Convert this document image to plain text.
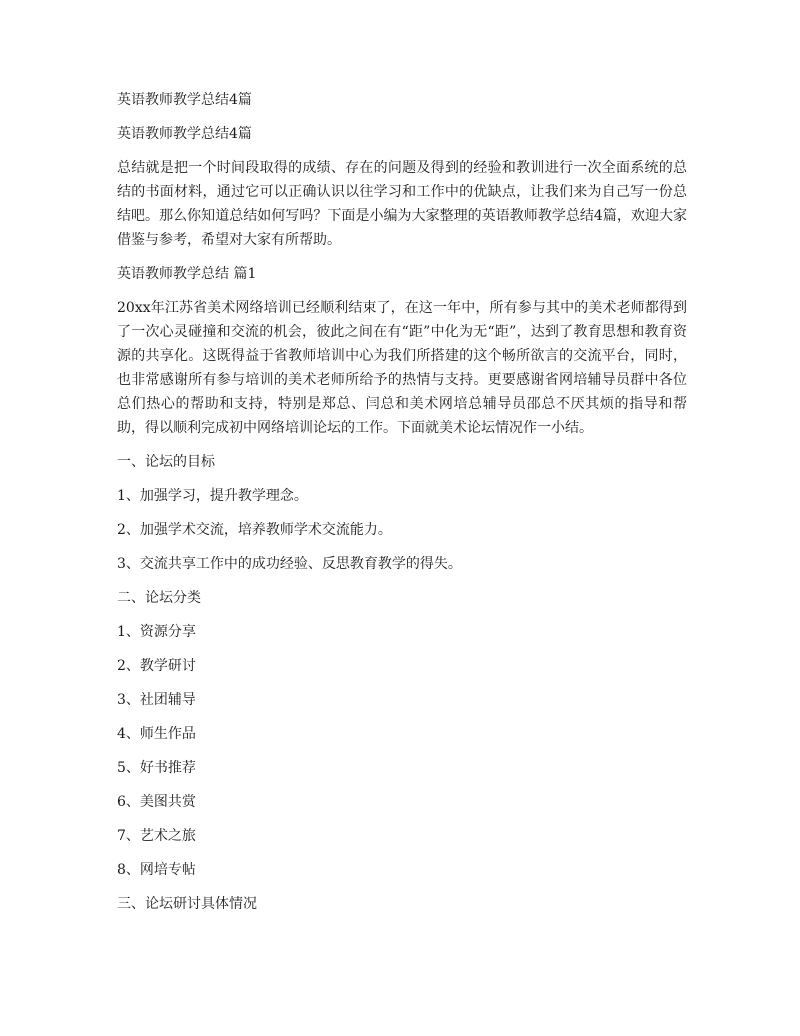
英语教师教学总结4篇
英语教师教学总结4篇
总结就是把一个时间段取得的成绩、存在的问题及得到的经验和教训进行一次全面系统的总结的书面材料，通过它可以正确认识以往学习和工作中的优缺点，让我们来为自己写一份总结吧。那么你知道总结如何写吗？下面是小编为大家整理的英语教师教学总结4篇，欢迎大家借鉴与参考，希望对大家有所帮助。
英语教师教学总结 篇1
20xx年江苏省美术网络培训已经顺利结束了，在这一年中，所有参与其中的美术老师都得到了一次心灵碰撞和交流的机会，彼此之间在有“距”中化为无“距”，达到了教育思想和教育资源的共享化。这既得益于省教师培训中心为我们所搭建的这个畅所欲言的交流平台，同时，也非常感谢所有参与培训的美术老师所给予的热情与支持。更要感谢省网培辅导员群中各位总们热心的帮助和支持，特别是郑总、闫总和美术网培总辅导员邵总不厌其烦的指导和帮助，得以顺利完成初中网络培训论坛的工作。下面就美术论坛情况作一小结。
一、论坛的目标
1、加强学习，提升教学理念。
2、加强学术交流，培养教师学术交流能力。
3、交流共享工作中的成功经验、反思教育教学的得失。
二、论坛分类
1、资源分享
2、教学研讨
3、社团辅导
4、师生作品
5、好书推荐
6、美图共赏
7、艺术之旅
8、网培专帖
三、论坛研讨具体情况
